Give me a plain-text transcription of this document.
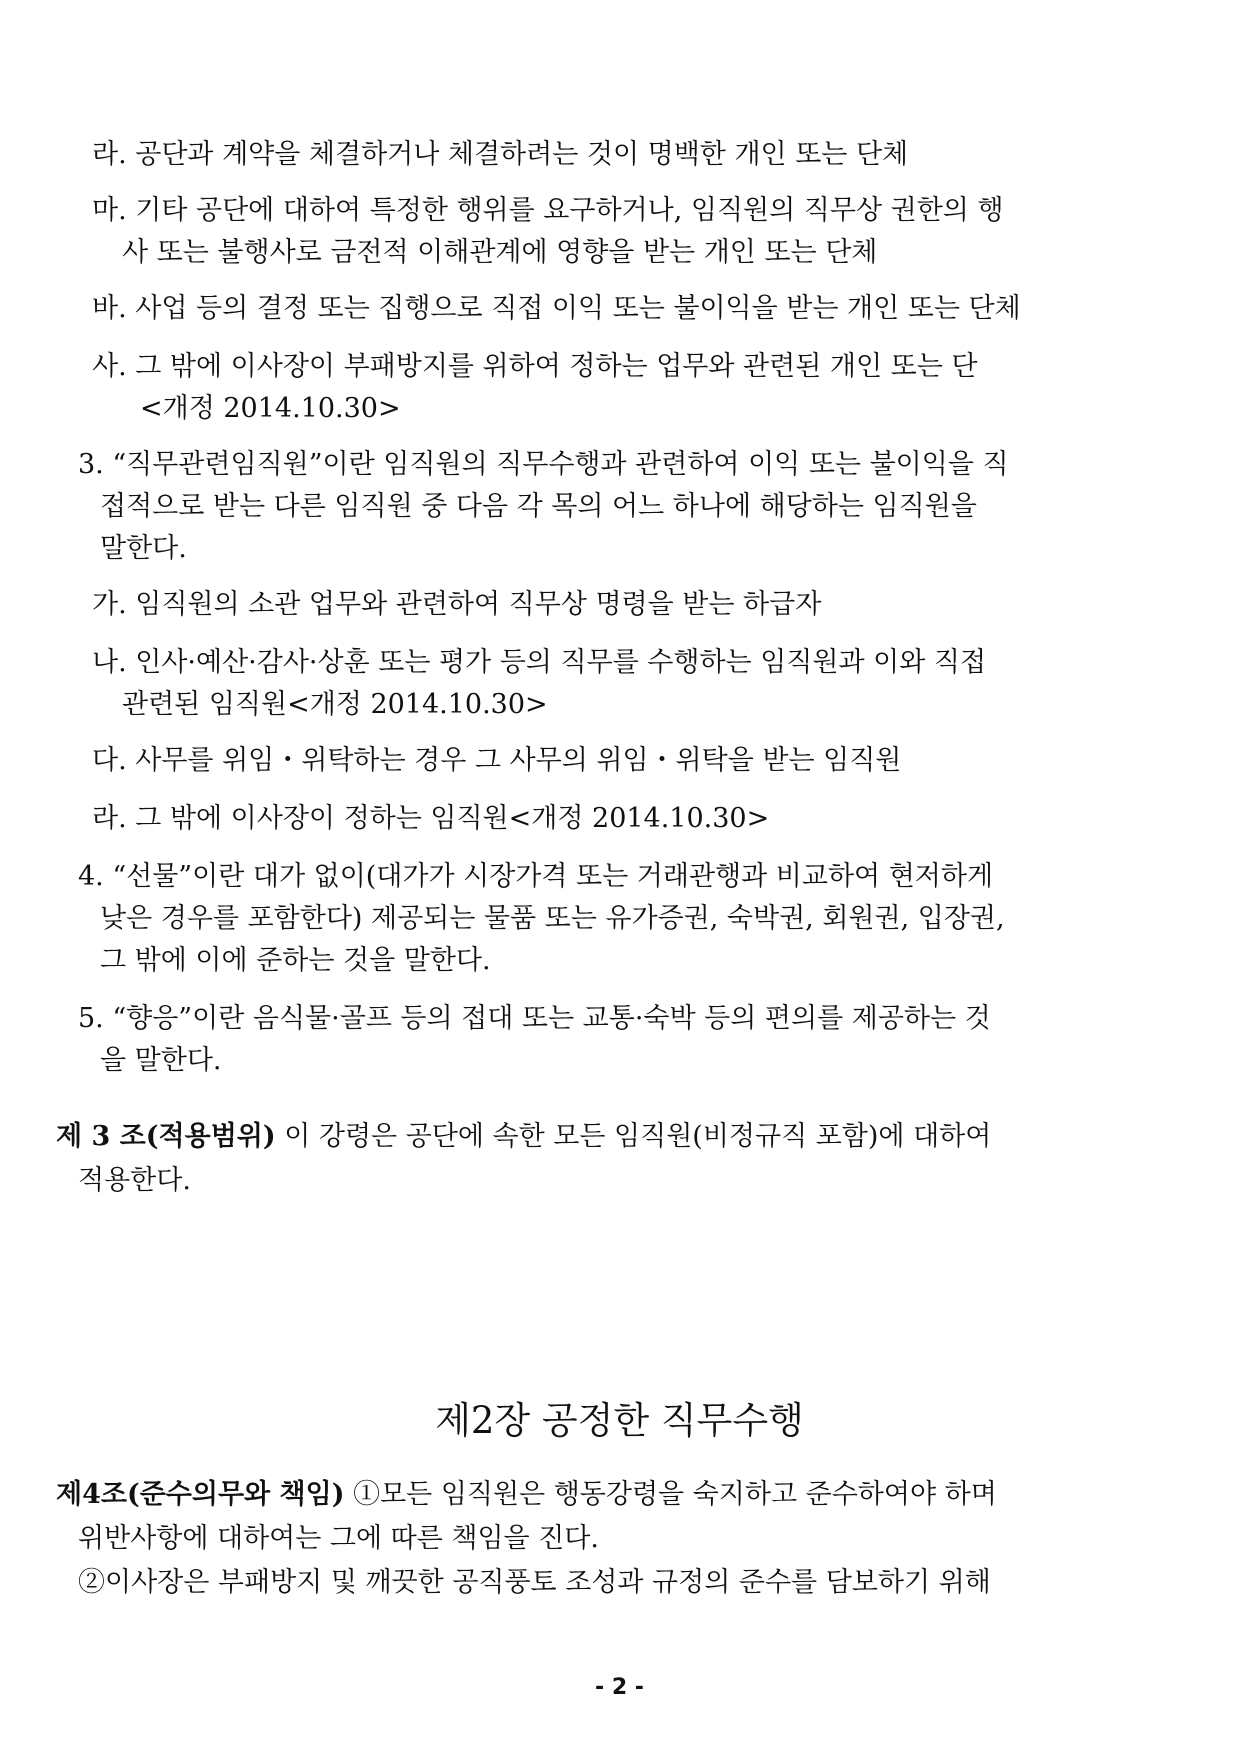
라. 공단과 계약을 체결하거나 체결하려는 것이 명백한 개인 또는 단체

마. 기타 공단에 대하여 특정한 행위를 요구하거나, 임직원의 직무상 권한의 행

사 또는 불행사로 금전적 이해관계에 영향을 받는 개인 또는 단체

바. 사업 등의 결정 또는 집행으로 직접 이익 또는 불이익을 받는 개인 또는 단체

사. 그 밖에 이사장이 부패방지를 위하여 정하는 업무와 관련된 개인 또는 단

<개정 2014.10.30>

3. “직무관련임직원”이란 임직원의 직무수행과 관련하여 이익 또는 불이익을 직

접적으로 받는 다른 임직원 중 다음 각 목의 어느 하나에 해당하는 임직원을

말한다.

가. 임직원의 소관 업무와 관련하여 직무상 명령을 받는 하급자

나. 인사·예산·감사·상훈 또는 평가 등의 직무를 수행하는 임직원과 이와 직접

관련된 임직원<개정 2014.10.30>

다. 사무를 위임・위탁하는 경우 그 사무의 위임・위탁을 받는 임직원

라. 그 밖에 이사장이 정하는 임직원<개정 2014.10.30>

4. “선물”이란 대가 없이(대가가 시장가격 또는 거래관행과 비교하여 현저하게

낮은 경우를 포함한다) 제공되는 물품 또는 유가증권, 숙박권, 회원권, 입장권,

그 밖에 이에 준하는 것을 말한다.

5. “향응”이란 음식물·골프 등의 접대 또는 교통·숙박 등의 편의를 제공하는 것

을 말한다.

제 3 조(적용범위) 이 강령은 공단에 속한 모든 임직원(비정규직 포함)에 대하여

적용한다.

제2장 공정한 직무수행

제4조(준수의무와 책임) ①모든 임직원은 행동강령을 숙지하고 준수하여야 하며

위반사항에 대하여는 그에 따른 책임을 진다.

②이사장은 부패방지 및 깨끗한 공직풍토 조성과 규정의 준수를 담보하기 위해

- 2 -
